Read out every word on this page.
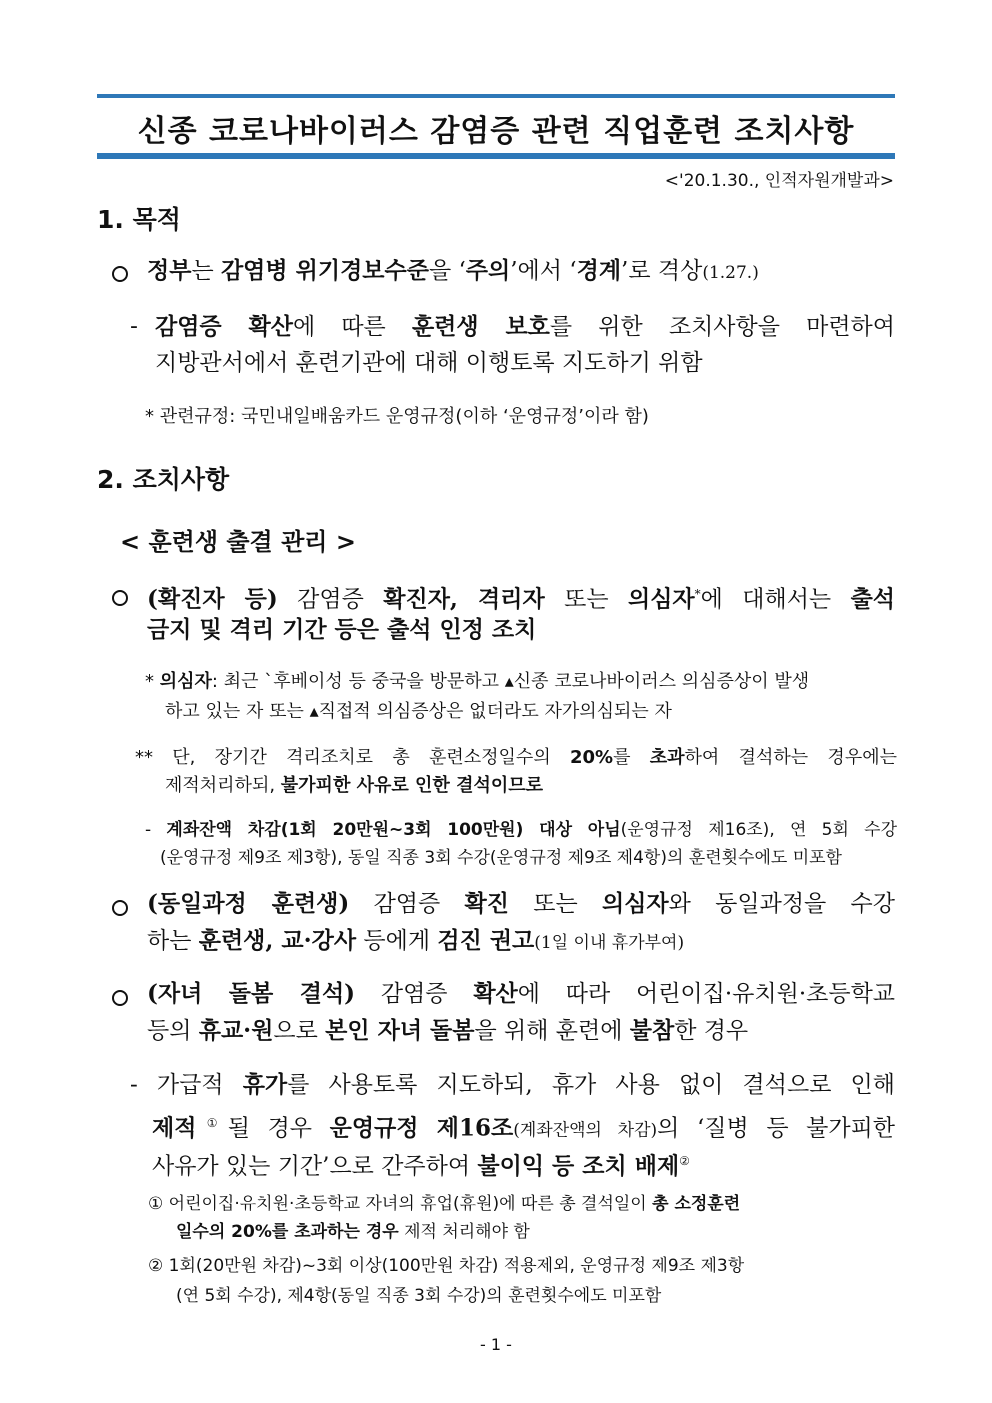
신종 코로나바이러스 감염증 관련 직업훈련 조치사항
<'20.1.30., 인적자원개발과>
1. 목적
정부는 감염병 위기경보수준을 ‘주의’에서 ‘경계’로 격상(1.27.)
- 감염증 확산에 따른 훈련생 보호를 위한 조치사항을 마련하여
지방관서에서 훈련기관에 대해 이행토록 지도하기 위함
* 관련규정: 국민내일배움카드 운영규정(이하 ‘운영규정’이라 함)
2. 조치사항
< 훈련생 출결 관리 >
(확진자 등) 감염증 확진자, 격리자 또는 의심자*에 대해서는 출석
금지 및 격리 기간 등은 출석 인정 조치
* 의심자: 최근 `후베이성 등 중국을 방문하고 ▴신종 코로나바이러스 의심증상이 발생
하고 있는 자 또는 ▴직접적 의심증상은 없더라도 자가의심되는 자
** 단, 장기간 격리조치로 총 훈련소정일수의 20%를 초과하여 결석하는 경우에는
제적처리하되, 불가피한 사유로 인한 결석이므로
- 계좌잔액 차감(1회 20만원~3회 100만원) 대상 아님(운영규정 제16조), 연 5회 수강
(운영규정 제9조 제3항), 동일 직종 3회 수강(운영규정 제9조 제4항)의 훈련횟수에도 미포함
(동일과정 훈련생) 감염증 확진 또는 의심자와 동일과정을 수강
하는 훈련생, 교·강사 등에게 검진 권고(1일 이내 휴가부여)
(자녀 돌봄 결석) 감염증 확산에 따라 어린이집·유치원·초등학교
등의 휴교·원으로 본인 자녀 돌봄을 위해 훈련에 불참한 경우
- 가급적 휴가를 사용토록 지도하되, 휴가 사용 없이 결석으로 인해
제적①될 경우 운영규정 제16조(계좌잔액의 차감)의 ‘질병 등 불가피한
사유가 있는 기간’으로 간주하여 불이익 등 조치 배제②
① 어린이집·유치원·초등학교 자녀의 휴업(휴원)에 따른 총 결석일이 총 소정훈련
일수의 20%를 초과하는 경우 제적 처리해야 함
② 1회(20만원 차감)~3회 이상(100만원 차감) 적용제외, 운영규정 제9조 제3항
(연 5회 수강), 제4항(동일 직종 3회 수강)의 훈련횟수에도 미포함
- 1 -
